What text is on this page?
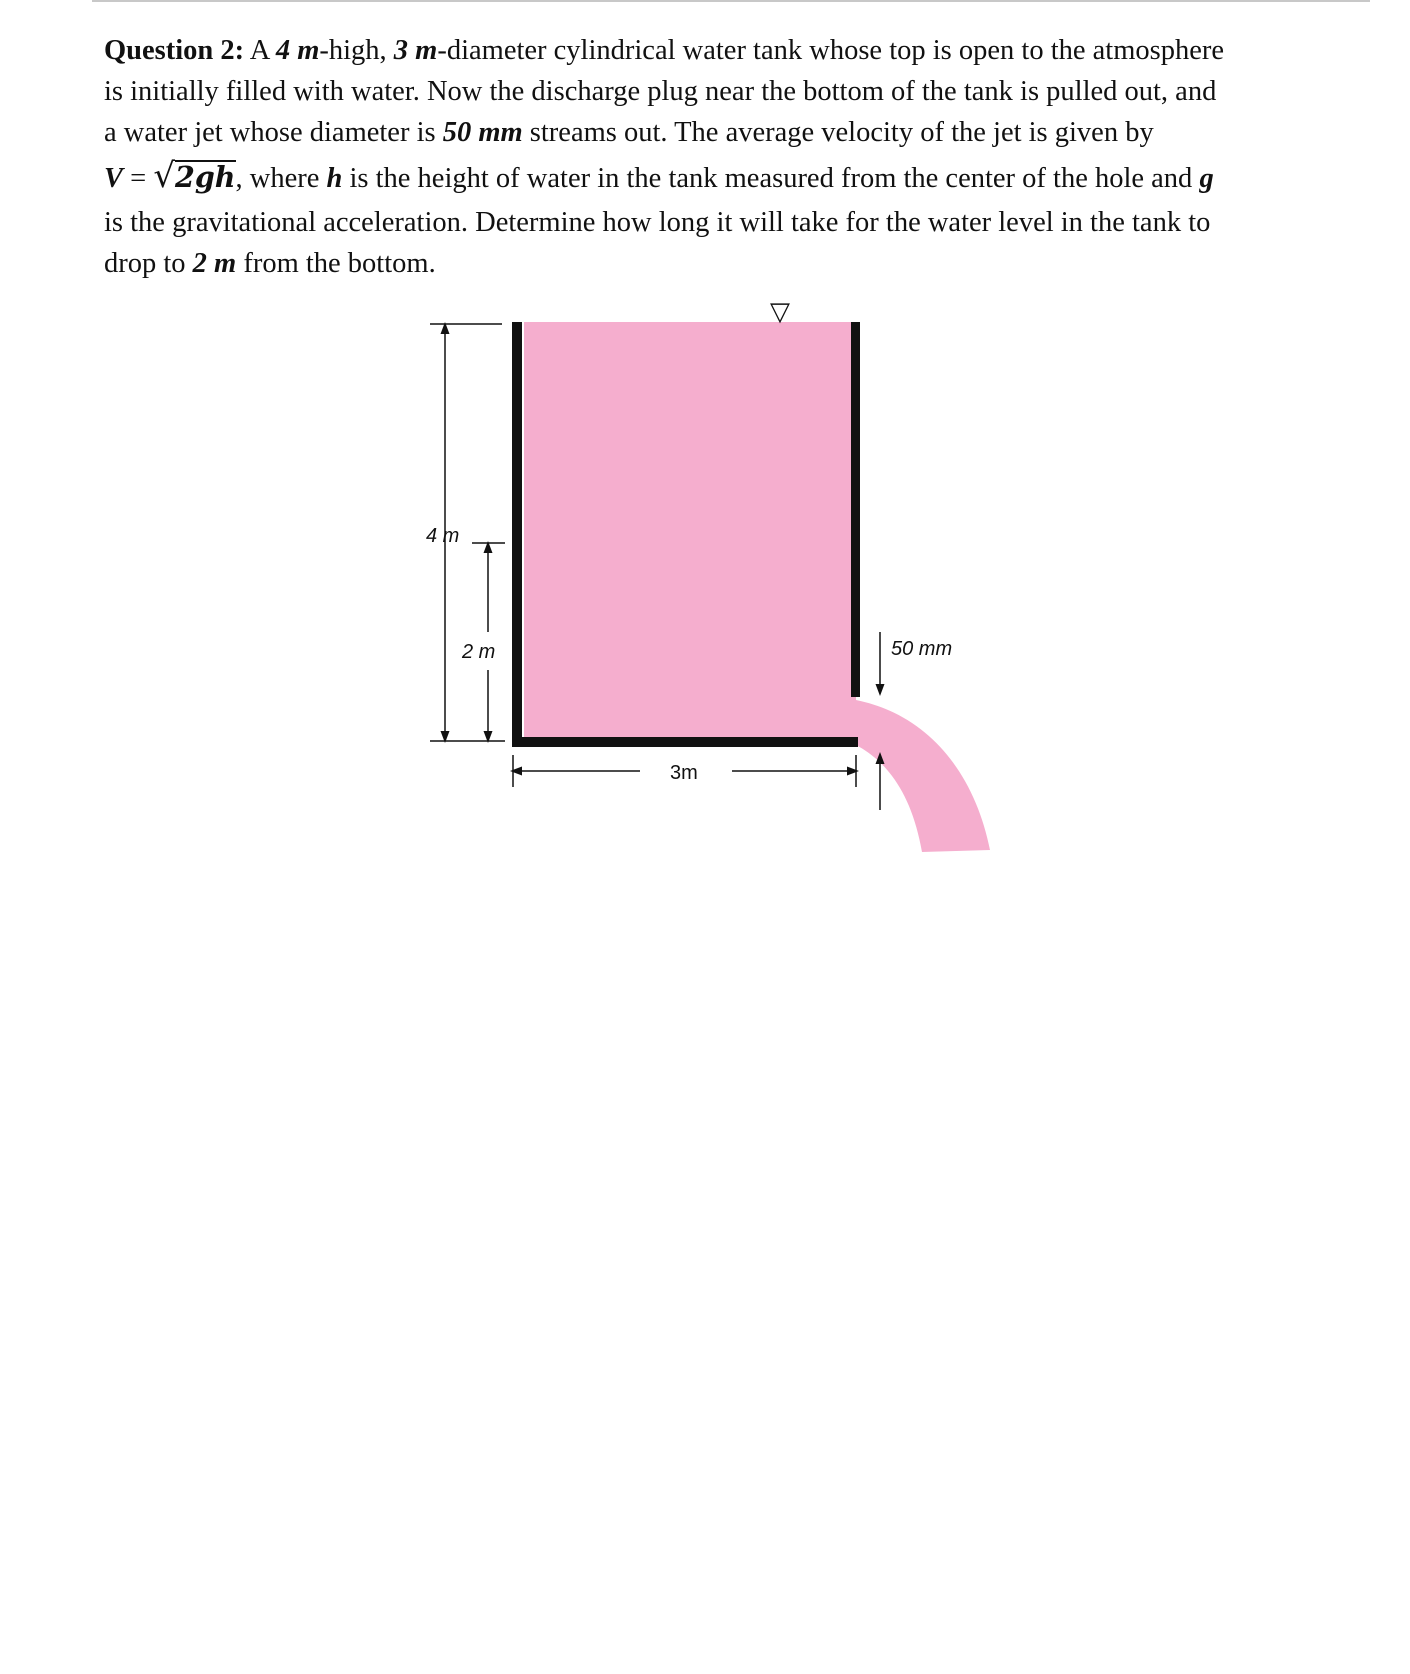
Question 2: A 4 m-high, 3 m-diameter cylindrical water tank whose top is open to the atmosphere
is initially filled with water. Now the discharge plug near the bottom of the tank is pulled out, and
a water jet whose diameter is 50 mm streams out. The average velocity of the jet is given by
V = √2gh, where h is the height of water in the tank measured from the center of the hole and g
is the gravitational acceleration. Determine how long it will take for the water level in the tank to
drop to 2 m from the bottom.
▽
4 m
2 m
3m
50 mm
